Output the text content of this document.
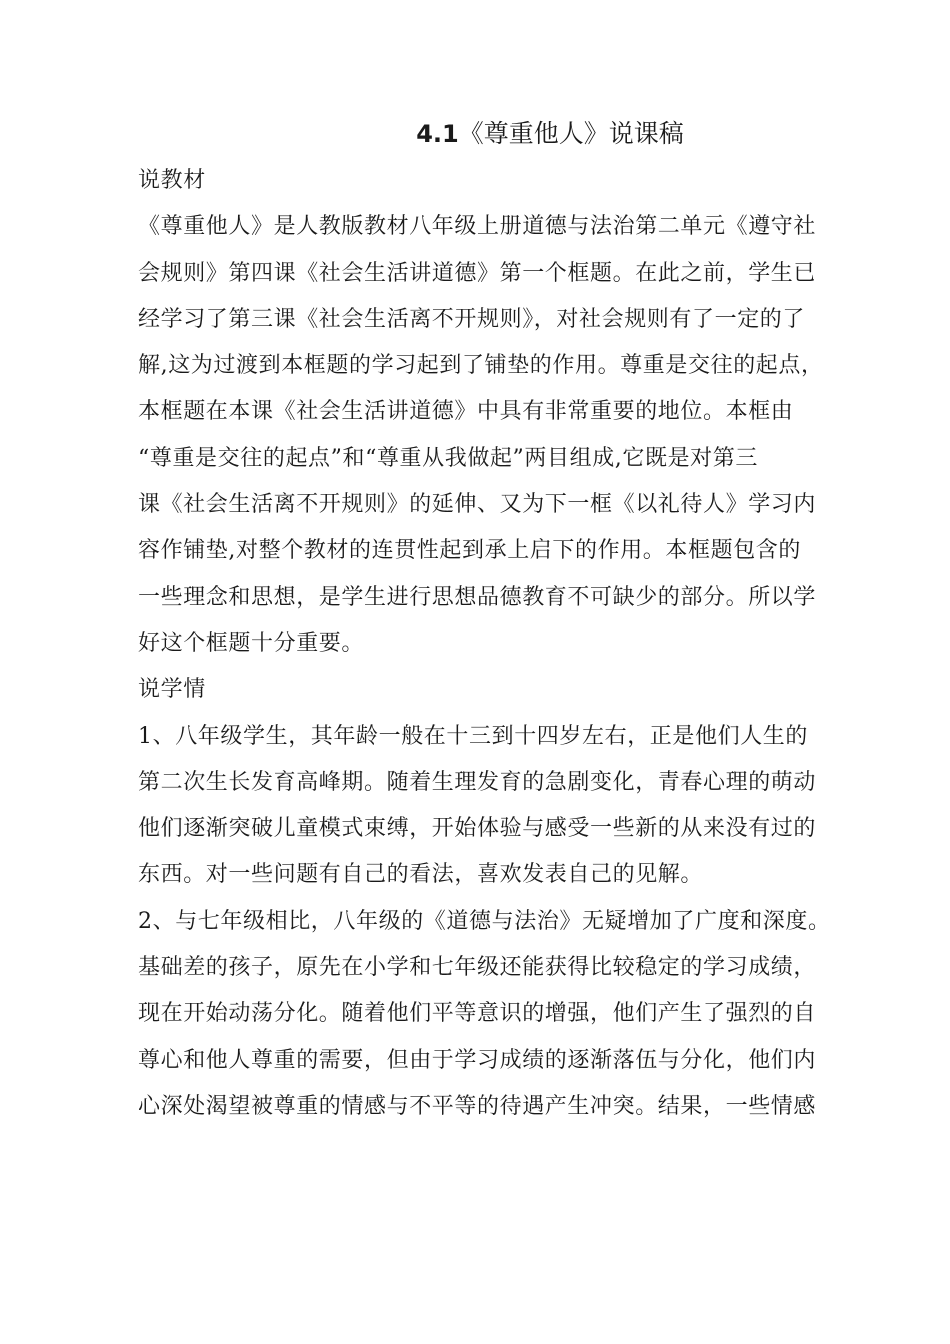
4.1《尊重他人》说课稿
说教材
《尊重他人》是人教版教材八年级上册道德与法治第二单元《遵守社
会规则》第四课《社会生活讲道德》第一个框题。在此之前，学生已
经学习了第三课《社会生活离不开规则》，对社会规则有了一定的了
解,这为过渡到本框题的学习起到了铺垫的作用。尊重是交往的起点，
本框题在本课《社会生活讲道德》中具有非常重要的地位。本框由
“尊重是交往的起点”和“尊重从我做起”两目组成,它既是对第三
课《社会生活离不开规则》的延伸、又为下一框《以礼待人》学习内
容作铺垫,对整个教材的连贯性起到承上启下的作用。本框题包含的
一些理念和思想，是学生进行思想品德教育不可缺少的部分。所以学
好这个框题十分重要。
说学情
1、八年级学生，其年龄一般在十三到十四岁左右，正是他们人生的
第二次生长发育高峰期。随着生理发育的急剧变化，青春心理的萌动
他们逐渐突破儿童模式束缚，开始体验与感受一些新的从来没有过的
东西。对一些问题有自己的看法，喜欢发表自己的见解。
2、与七年级相比，八年级的《道德与法治》无疑增加了广度和深度。
基础差的孩子，原先在小学和七年级还能获得比较稳定的学习成绩，
现在开始动荡分化。随着他们平等意识的增强，他们产生了强烈的自
尊心和他人尊重的需要，但由于学习成绩的逐渐落伍与分化，他们内
心深处渴望被尊重的情感与不平等的待遇产生冲突。结果，一些情感
